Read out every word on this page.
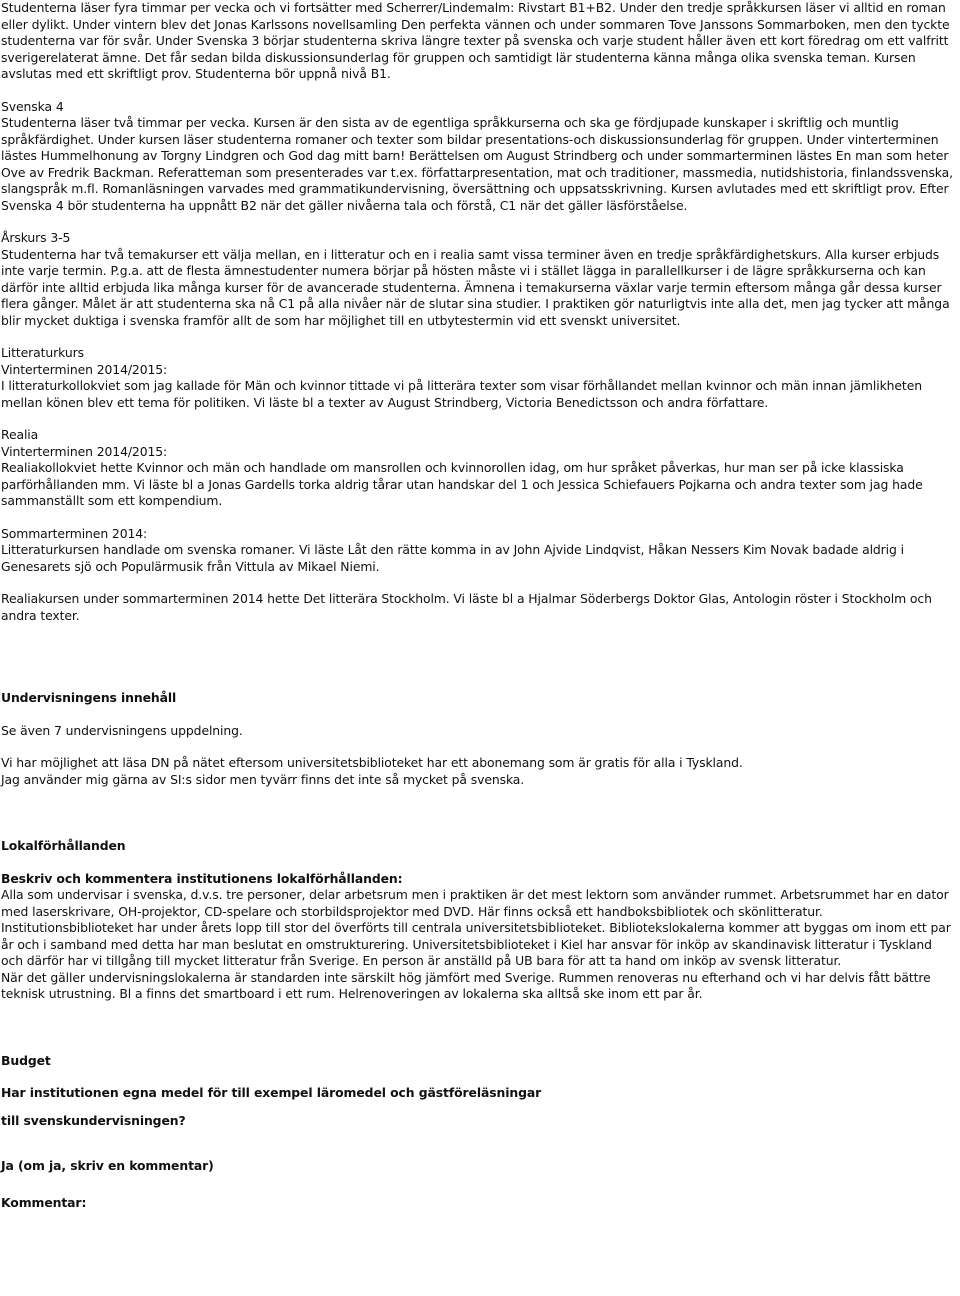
Studenterna läser fyra timmar per vecka och vi fortsätter med Scherrer/Lindemalm: Rivstart B1+B2. Under den tredje språkkursen läser vi alltid en roman eller dylikt. Under vintern blev det Jonas Karlssons novellsamling Den perfekta vännen och under sommaren Tove Janssons Sommarboken, men den tyckte studenterna var för svår. Under Svenska 3 börjar studenterna skriva längre texter på svenska och varje student håller även ett kort föredrag om ett valfritt sverigerelaterat ämne. Det får sedan bilda diskussionsunderlag för gruppen och samtidigt lär studenterna känna många olika svenska teman. Kursen avslutas med ett skriftligt prov. Studenterna bör uppnå nivå B1.

Svenska 4

Studenterna läser två timmar per vecka. Kursen är den sista av de egentliga språkkurserna och ska ge fördjupade kunskaper i skriftlig och muntlig språkfärdighet. Under kursen läser studenterna romaner och texter som bildar presentations-och diskussionsunderlag för gruppen. Under vinterterminen lästes Hummelhonung av Torgny Lindgren och God dag mitt barn! Berättelsen om August Strindberg och under sommarterminen lästes En man som heter Ove av Fredrik Backman. Referatteman som presenterades var t.ex. författarpresentation, mat och traditioner, massmedia, nutidshistoria, finlandssvenska, slangspråk m.fl. Romanläsningen varvades med grammatikundervisning, översättning och uppsatsskrivning. Kursen avlutades med ett skriftligt prov. Efter Svenska 4 bör studenterna ha uppnått B2 när det gäller nivåerna tala och förstå, C1 när det gäller läsförståelse.

Årskurs 3-5

Studenterna har två temakurser ett välja mellan, en i litteratur och en i realia samt vissa terminer även en tredje språkfärdighetskurs. Alla kurser erbjuds inte varje termin. P.g.a. att de flesta ämnestudenter numera börjar på hösten måste vi i stället lägga in parallellkurser i de lägre språkkurserna och kan därför inte alltid erbjuda lika många kurser för de avancerade studenterna. Ämnena i temakurserna växlar varje termin eftersom många går dessa kurser flera gånger. Målet är att studenterna ska nå C1 på alla nivåer när de slutar sina studier. I praktiken gör naturligtvis inte alla det, men jag tycker att många blir mycket duktiga i svenska framför allt de som har möjlighet till en utbytestermin vid ett svenskt universitet.

Litteraturkurs

Vinterterminen 2014/2015:

I litteraturkollokviet som jag kallade för Män och kvinnor tittade vi på litterära texter som visar förhållandet mellan kvinnor och män innan jämlikheten mellan könen blev ett tema för politiken. Vi läste bl a texter av August Strindberg, Victoria Benedictsson och andra författare.

Realia

Vinterterminen 2014/2015:

Realiakollokviet hette Kvinnor och män och handlade om mansrollen och kvinnorollen idag, om hur språket påverkas, hur man ser på icke klassiska parförhållanden mm. Vi läste bl a Jonas Gardells torka aldrig tårar utan handskar del 1 och Jessica Schiefauers Pojkarna och andra texter som jag hade sammanställt som ett kompendium.

Sommarterminen 2014:

Litteraturkursen handlade om svenska romaner. Vi läste Låt den rätte komma in av John Ajvide Lindqvist, Håkan Nessers Kim Novak badade aldrig i Genesarets sjö och Populärmusik från Vittula av Mikael Niemi.

Realiakursen under sommarterminen 2014 hette Det litterära Stockholm. Vi läste bl a Hjalmar Söderbergs Doktor Glas, Antologin röster i Stockholm och andra texter.

Undervisningens innehåll

Se även 7 undervisningens uppdelning.

Vi har möjlighet att läsa DN på nätet eftersom universitetsbiblioteket har ett abonemang som är gratis för alla i Tyskland.

Jag använder mig gärna av SI:s sidor men tyvärr finns det inte så mycket på svenska.

Lokalförhållanden

Beskriv och kommentera institutionens lokalförhållanden:

Alla som undervisar i svenska, d.v.s. tre personer, delar arbetsrum men i praktiken är det mest lektorn som använder rummet. Arbetsrummet har en dator med laserskrivare, OH-projektor, CD-spelare och storbildsprojektor med DVD. Här finns också ett handboksbibliotek och skönlitteratur. Institutionsbiblioteket har under årets lopp till stor del överförts till centrala universitetsbiblioteket. Bibliotekslokalerna kommer att byggas om inom ett par år och i samband med detta har man beslutat en omstrukturering. Universitetsbiblioteket i Kiel har ansvar för inköp av skandinavisk litteratur i Tyskland och därför har vi tillgång till mycket litteratur från Sverige. En person är anställd på UB bara för att ta hand om inköp av svensk litteratur.

När det gäller undervisningslokalerna är standarden inte särskilt hög jämfört med Sverige. Rummen renoveras nu efterhand och vi har delvis fått bättre teknisk utrustning. Bl a finns det smartboard i ett rum. Helrenoveringen av lokalerna ska alltså ske inom ett par år.

Budget

Har institutionen egna medel för till exempel läromedel och gästföreläsningar

till svenskundervisningen?

Ja (om ja, skriv en kommentar)

Kommentar:
